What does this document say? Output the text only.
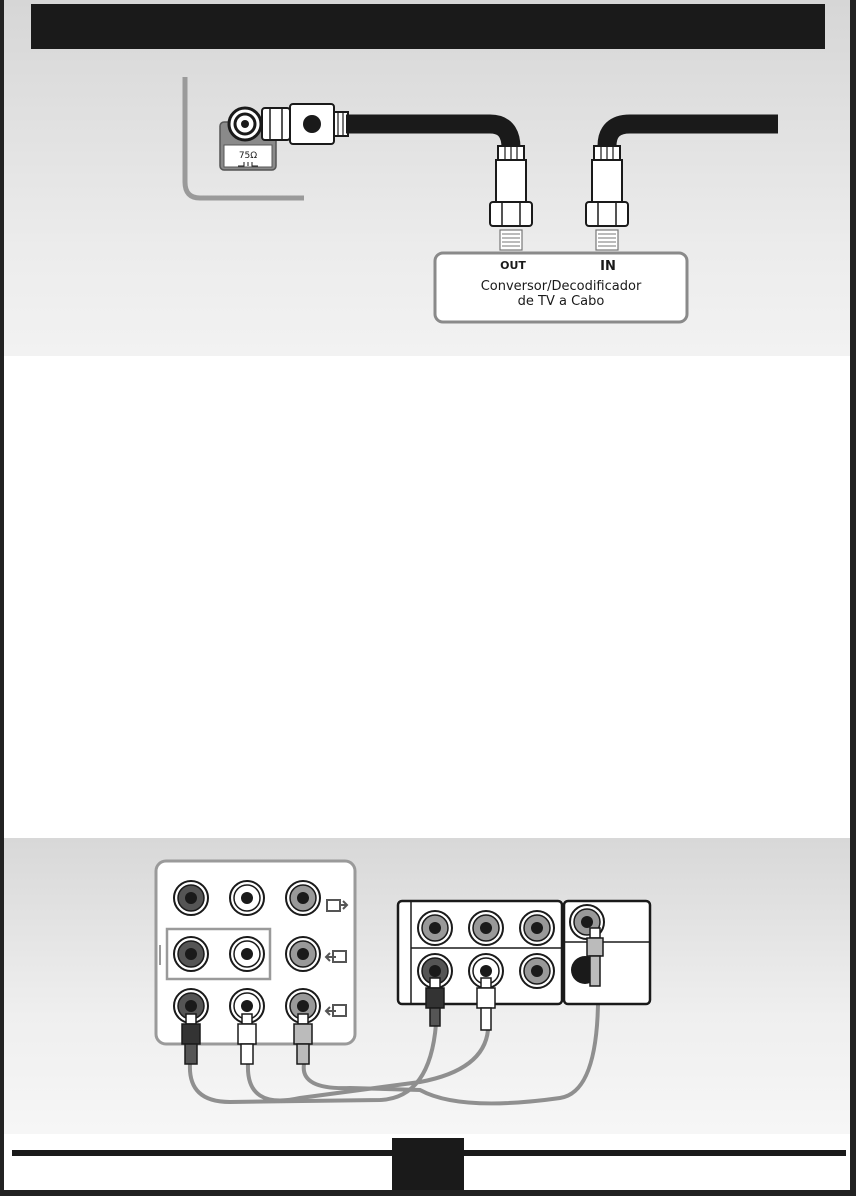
75Ω
OUT	IN
Conversor/Decodificador
de TV a Cabo
